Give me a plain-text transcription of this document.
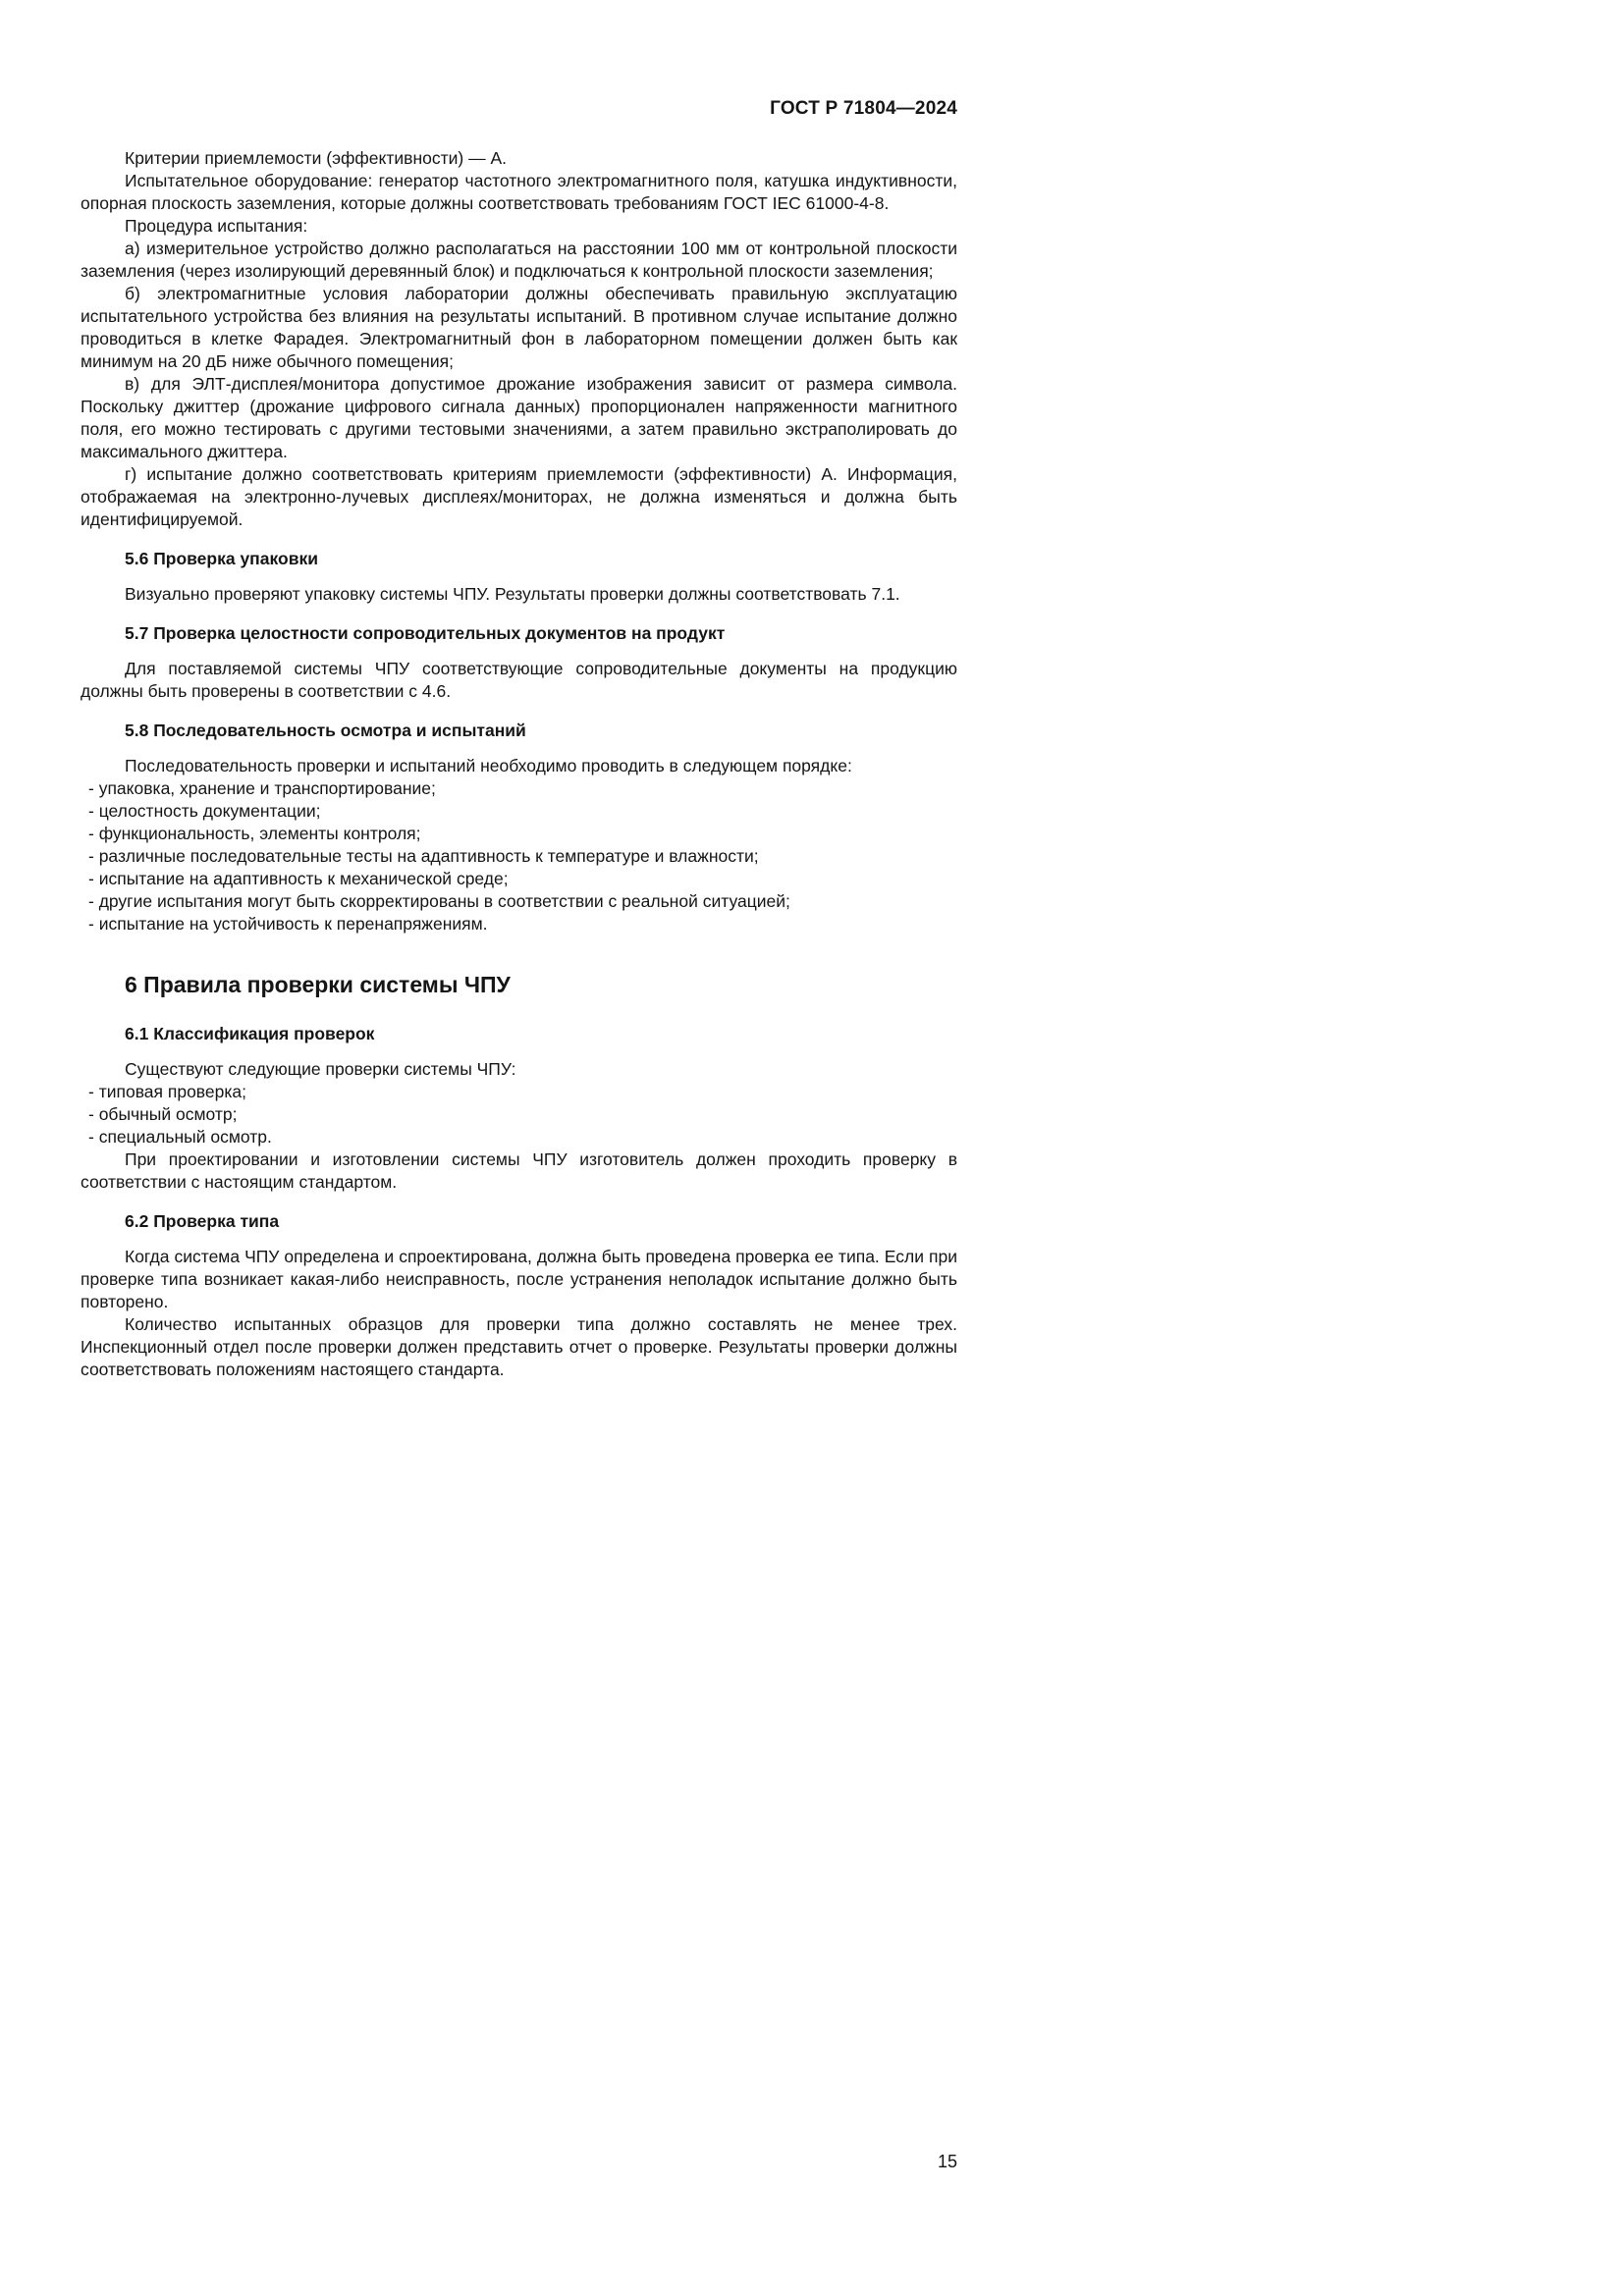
ГОСТ Р 71804—2024
Критерии приемлемости (эффективности) — А.
Испытательное оборудование: генератор частотного электромагнитного поля, катушка индуктивности, опорная плоскость заземления, которые должны соответствовать требованиям ГОСТ IEC 61000-4-8.
Процедура испытания:
а) измерительное устройство должно располагаться на расстоянии 100 мм от контрольной плоскости заземления (через изолирующий деревянный блок) и подключаться к контрольной плоскости заземления;
б) электромагнитные условия лаборатории должны обеспечивать правильную эксплуатацию испытательного устройства без влияния на результаты испытаний. В противном случае испытание должно проводиться в клетке Фарадея. Электромагнитный фон в лабораторном помещении должен быть как минимум на 20 дБ ниже обычного помещения;
в) для ЭЛТ-дисплея/монитора допустимое дрожание изображения зависит от размера символа. Поскольку джиттер (дрожание цифрового сигнала данных) пропорционален напряженности магнитного поля, его можно тестировать с другими тестовыми значениями, а затем правильно экстраполировать до максимального джиттера.
г) испытание должно соответствовать критериям приемлемости (эффективности) А. Информация, отображаемая на электронно-лучевых дисплеях/мониторах, не должна изменяться и должна быть идентифицируемой.
5.6 Проверка упаковки
Визуально проверяют упаковку системы ЧПУ. Результаты проверки должны соответствовать 7.1.
5.7 Проверка целостности сопроводительных документов на продукт
Для поставляемой системы ЧПУ соответствующие сопроводительные документы на продукцию должны быть проверены в соответствии с 4.6.
5.8 Последовательность осмотра и испытаний
Последовательность проверки и испытаний необходимо проводить в следующем порядке:
- упаковка, хранение и транспортирование;
- целостность документации;
- функциональность, элементы контроля;
- различные последовательные тесты на адаптивность к температуре и влажности;
- испытание на адаптивность к механической среде;
- другие испытания могут быть скорректированы в соответствии с реальной ситуацией;
- испытание на устойчивость к перенапряжениям.
6 Правила проверки системы ЧПУ
6.1 Классификация проверок
Существуют следующие проверки системы ЧПУ:
- типовая проверка;
- обычный осмотр;
- специальный осмотр.
При проектировании и изготовлении системы ЧПУ изготовитель должен проходить проверку в соответствии с настоящим стандартом.
6.2 Проверка типа
Когда система ЧПУ определена и спроектирована, должна быть проведена проверка ее типа. Если при проверке типа возникает какая-либо неисправность, после устранения неполадок испытание должно быть повторено.
Количество испытанных образцов для проверки типа должно составлять не менее трех. Инспекционный отдел после проверки должен представить отчет о проверке. Результаты проверки должны соответствовать положениям настоящего стандарта.
15
